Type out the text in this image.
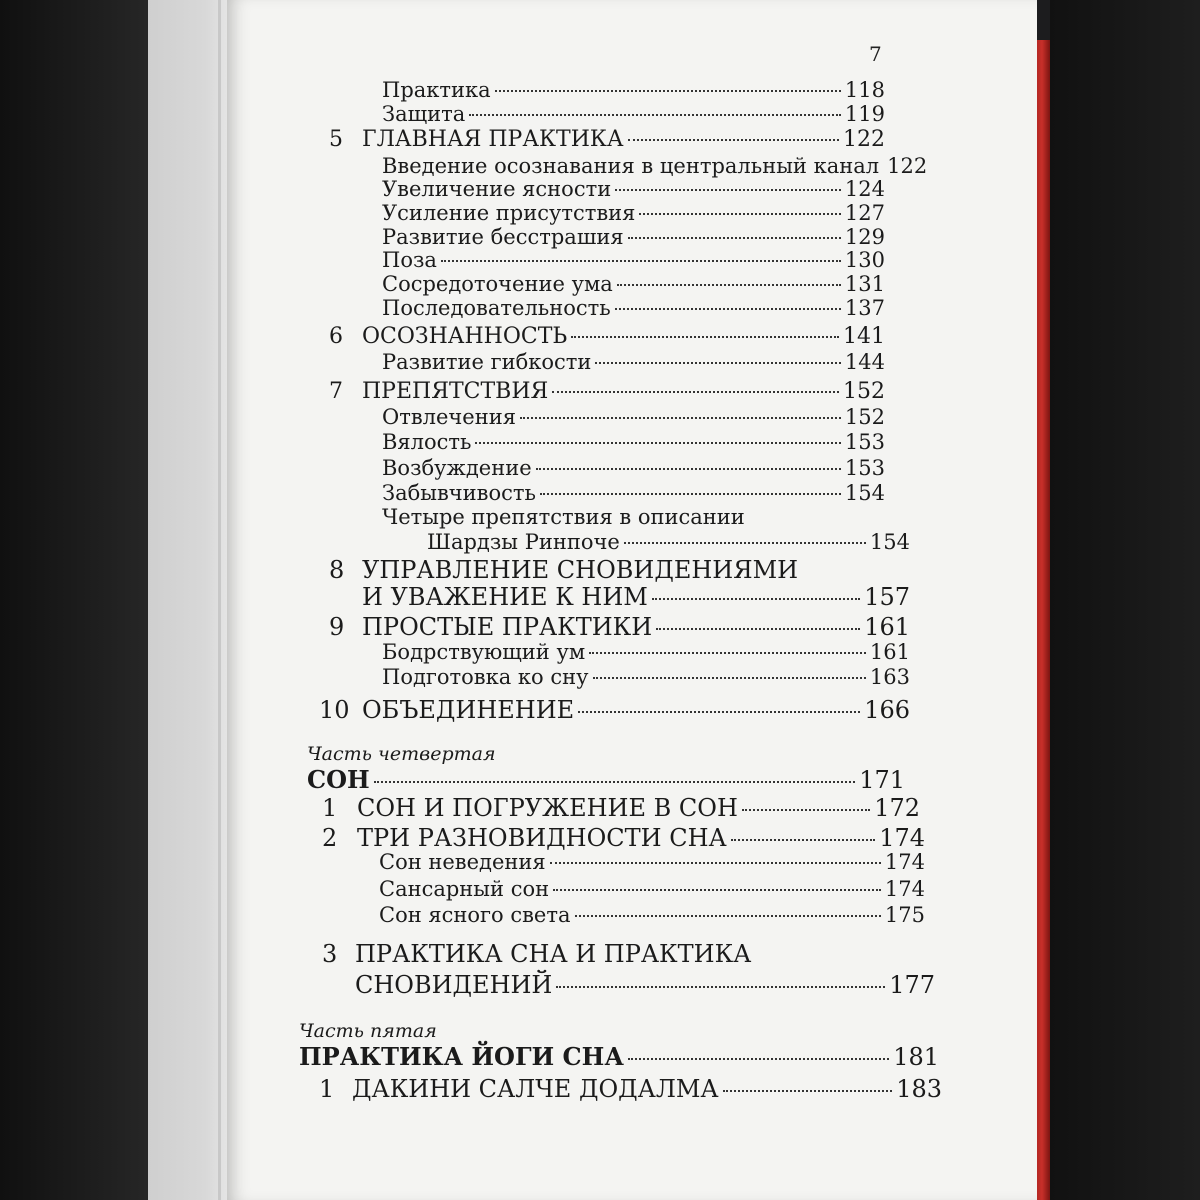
7
Практика	118
Защита	119
5 ГЛАВНАЯ ПРАКТИКА	122
Введение осознавания в центральный канал 122
Увеличение ясности	124
Усиление присутствия	127
Развитие бесстрашия	129
Поза	130
Сосредоточение ума	131
Последовательность	137
6 ОСОЗНАННОСТЬ	141
Развитие гибкости	144
7 ПРЕПЯТСТВИЯ	152
Отвлечения	152
Вялость	153
Возбуждение	153
Забывчивость	154
Четыре препятствия в описании
Шардзы Ринпоче	154
8 УПРАВЛЕНИЕ СНОВИДЕНИЯМИ
И УВАЖЕНИЕ К НИМ	157
9 ПРОСТЫЕ ПРАКТИКИ	161
Бодрствующий ум	161
Подготовка ко сну	163
10 ОБЪЕДИНЕНИЕ	166
Часть четвертая
СОН	171
1 СОН И ПОГРУЖЕНИЕ В СОН	172
2 ТРИ РАЗНОВИДНОСТИ СНА	174
Сон неведения	174
Сансарный сон	174
Сон ясного света	175
3 ПРАКТИКА СНА И ПРАКТИКА
СНОВИДЕНИЙ	177
Часть пятая
ПРАКТИКА ЙОГИ СНА	181
1 ДАКИНИ САЛЧЕ ДОДАЛМА	183
